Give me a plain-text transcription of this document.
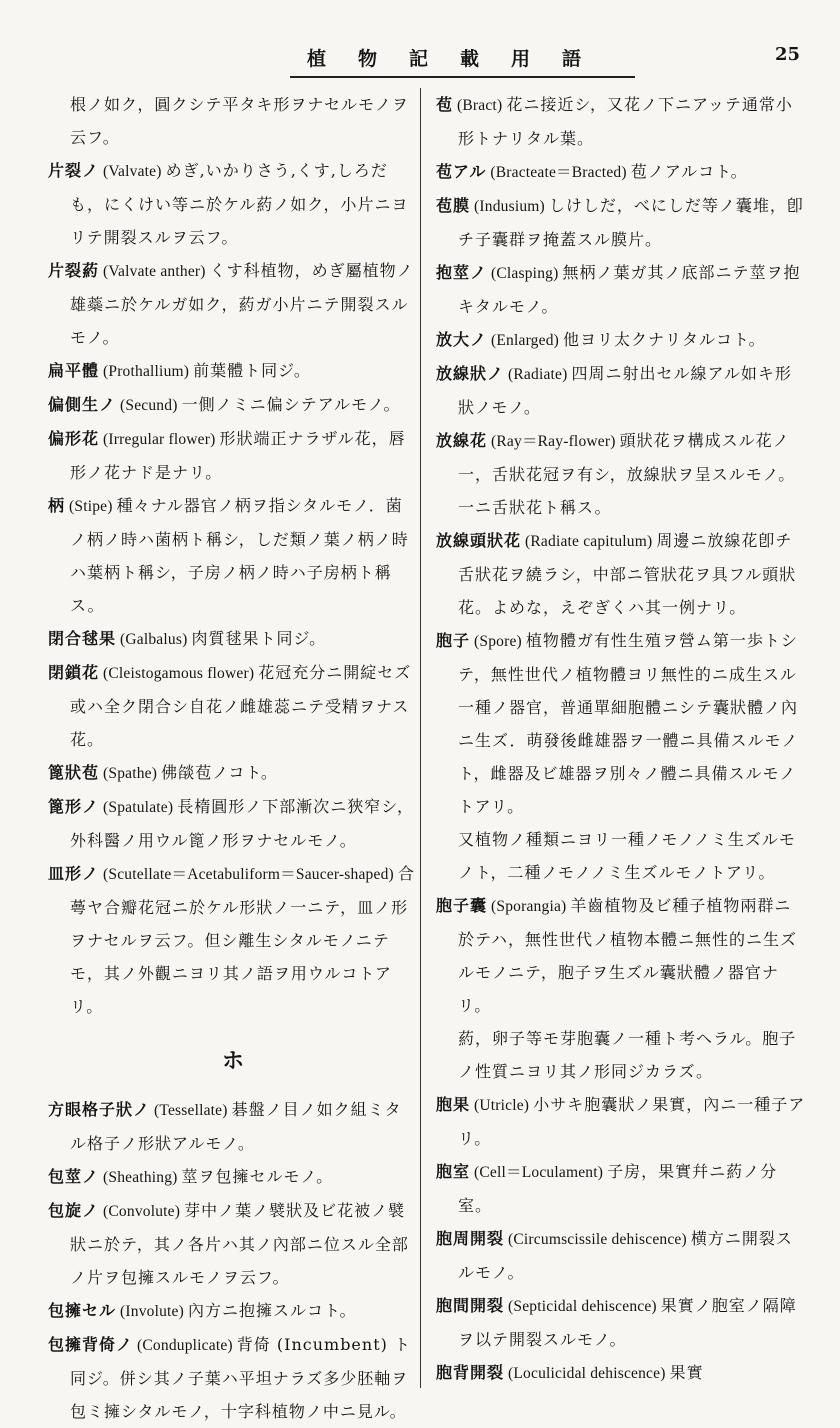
植物記載用語	25

根ノ如ク，圓クシテ平タキ形ヲナセルモノヲ云フ。

片裂ノ (Valvate) めぎ,いかりさう,くす,しろだも，にくけい等ニ於ケル葯ノ如ク，小片ニヨリテ開裂スルヲ云フ。

片裂葯 (Valvate anther) くす科植物，めぎ屬植物ノ雄蘂ニ於ケルガ如ク，葯ガ小片ニテ開裂スルモノ。

扁平體 (Prothallium) 前葉體ト同ジ。

偏側生ノ (Secund) 一側ノミニ偏シテアルモノ。

偏形花 (Irregular flower) 形狀端正ナラザル花，唇形ノ花ナド是ナリ。

柄 (Stipe) 種々ナル器官ノ柄ヲ指シタルモノ．菌ノ柄ノ時ハ菌柄ト稱シ，しだ類ノ葉ノ柄ノ時ハ葉柄ト稱シ，子房ノ柄ノ時ハ子房柄ト稱ス。

閉合毬果 (Galbalus) 肉質毬果ト同ジ。

閉鎖花 (Cleistogamous flower) 花冠充分ニ開綻セズ或ハ全ク閉合シ自花ノ雌雄蕊ニテ受精ヲナス花。

篦狀苞 (Spathe) 佛燄苞ノコト。

篦形ノ (Spatulate) 長楕圓形ノ下部漸次ニ狹窄シ，外科醫ノ用ウル篦ノ形ヲナセルモノ。

皿形ノ (Scutellate＝Acetabuliform＝Saucer-shaped) 合蕚ヤ合瓣花冠ニ於ケル形狀ノ一ニテ，皿ノ形ヲナセルヲ云フ。但シ離生シタルモノニテモ，其ノ外觀ニヨリ其ノ語ヲ用ウルコトアリ。

ホ

方眼格子狀ノ (Tessellate) 碁盤ノ目ノ如ク組ミタル格子ノ形狀アルモノ。

包莖ノ (Sheathing) 莖ヲ包擁セルモノ。

包旋ノ (Convolute) 芽中ノ葉ノ襞狀及ビ花被ノ襞狀ニ於テ，其ノ各片ハ其ノ內部ニ位スル全部ノ片ヲ包擁スルモノヲ云フ。

包擁セル (Involute) 內方ニ抱擁スルコト。

包擁背倚ノ (Conduplicate) 背倚 (Incumbent) ト同ジ。併シ其ノ子葉ハ平坦ナラズ多少胚軸ヲ包ミ擁シタルモノ，十字科植物ノ中ニ見ル。

苞 (Bract) 花ニ接近シ，又花ノ下ニアッテ通常小形トナリタル葉。

苞アル (Bracteate＝Bracted) 苞ノアルコト。

苞膜 (Indusium) しけしだ，べにしだ等ノ囊堆，卽チ子囊群ヲ掩蓋スル膜片。

抱莖ノ (Clasping) 無柄ノ葉ガ其ノ底部ニテ莖ヲ抱キタルモノ。

放大ノ (Enlarged) 他ヨリ太クナリタルコト。

放線狀ノ (Radiate) 四周ニ射出セル線アル如キ形狀ノモノ。

放線花 (Ray＝Ray-flower) 頭狀花ヲ構成スル花ノ一，舌狀花冠ヲ有シ，放線狀ヲ呈スルモノ。一ニ舌狀花ト稱ス。

放線頭狀花 (Radiate capitulum) 周邊ニ放線花卽チ舌狀花ヲ繞ラシ，中部ニ管狀花ヲ具フル頭狀花。よめな，えぞぎくハ其一例ナリ。

胞子 (Spore) 植物體ガ有性生殖ヲ營ム第一歩トシテ，無性世代ノ植物體ヨリ無性的ニ成生スル一種ノ器官，普通單細胞體ニシテ囊狀體ノ內ニ生ズ．萌發後雌雄器ヲ一體ニ具備スルモノト，雌器及ビ雄器ヲ別々ノ體ニ具備スルモノトアリ。

又植物ノ種類ニヨリ一種ノモノノミ生ズルモノト，二種ノモノノミ生ズルモノトアリ。

胞子囊 (Sporangia) 羊齒植物及ビ種子植物兩群ニ於テハ，無性世代ノ植物本體ニ無性的ニ生ズルモノニテ，胞子ヲ生ズル囊狀體ノ器官ナリ。

葯，卵子等モ芽胞囊ノ一種ト考ヘラル。胞子ノ性質ニヨリ其ノ形同ジカラズ。

胞果 (Utricle) 小サキ胞囊狀ノ果實，內ニ一種子アリ。

胞室 (Cell＝Loculament) 子房，果實幷ニ葯ノ分室。

胞周開裂 (Circumscissile dehiscence) 横方ニ開裂スルモノ。

胞間開裂 (Septicidal dehiscence) 果實ノ胞室ノ隔障ヲ以テ開裂スルモノ。

胞背開裂 (Loculicidal dehiscence) 果實
